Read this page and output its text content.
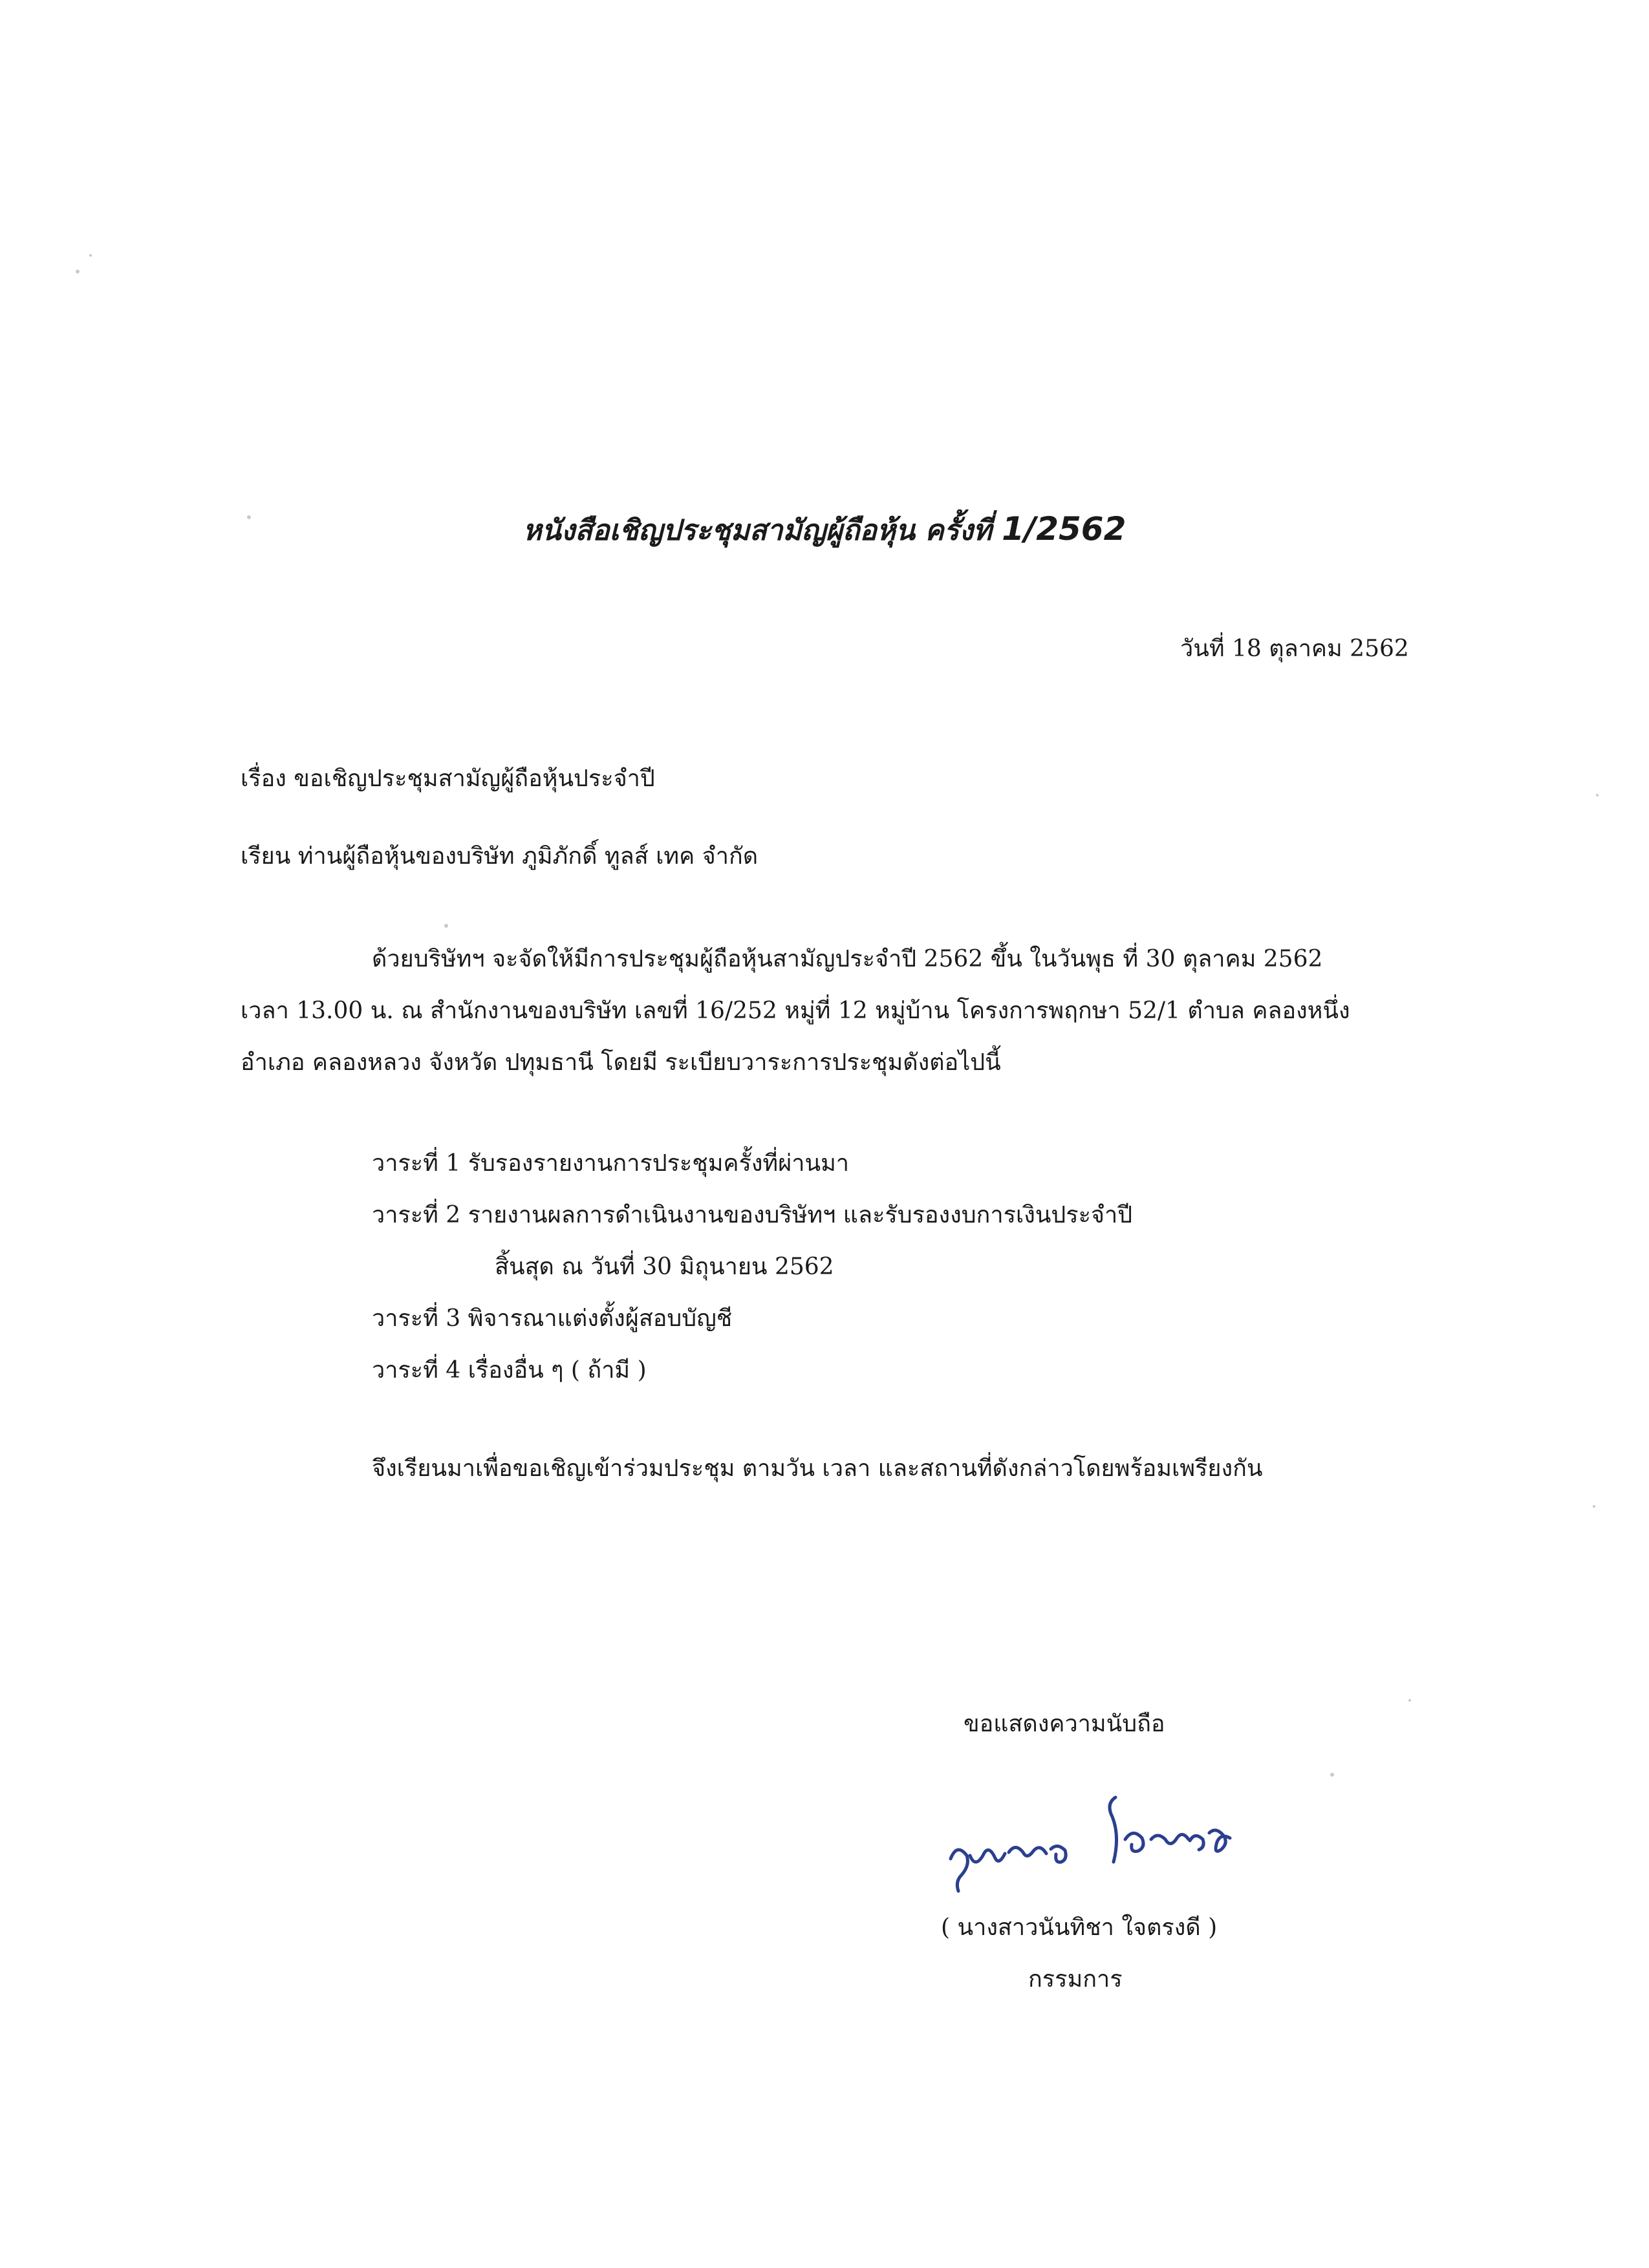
หนังสือเชิญประชุมสามัญผู้ถือหุ้น ครั้งที่ 1/2562
วันที่ 18 ตุลาคม 2562
เรื่อง ขอเชิญประชุมสามัญผู้ถือหุ้นประจำปี
เรียน ท่านผู้ถือหุ้นของบริษัท ภูมิภักดิ์ ทูลส์ เทค จำกัด
ด้วยบริษัทฯ จะจัดให้มีการประชุมผู้ถือหุ้นสามัญประจำปี 2562 ขึ้น ในวันพุธ ที่ 30 ตุลาคม 2562
เวลา 13.00 น. ณ สำนักงานของบริษัท เลขที่ 16/252 หมู่ที่ 12 หมู่บ้าน โครงการพฤกษา 52/1 ตำบล คลองหนึ่ง
อำเภอ คลองหลวง จังหวัด ปทุมธานี โดยมี ระเบียบวาระการประชุมดังต่อไปนี้
วาระที่ 1 รับรองรายงานการประชุมครั้งที่ผ่านมา
วาระที่ 2 รายงานผลการดำเนินงานของบริษัทฯ และรับรองงบการเงินประจำปี
สิ้นสุด ณ วันที่ 30 มิถุนายน 2562
วาระที่ 3 พิจารณาแต่งตั้งผู้สอบบัญชี
วาระที่ 4 เรื่องอื่น ๆ ( ถ้ามี )
จึงเรียนมาเพื่อขอเชิญเข้าร่วมประชุม ตามวัน เวลา และสถานที่ดังกล่าวโดยพร้อมเพรียงกัน
ขอแสดงความนับถือ
( นางสาวนันทิชา ใจตรงดี )
กรรมการ
